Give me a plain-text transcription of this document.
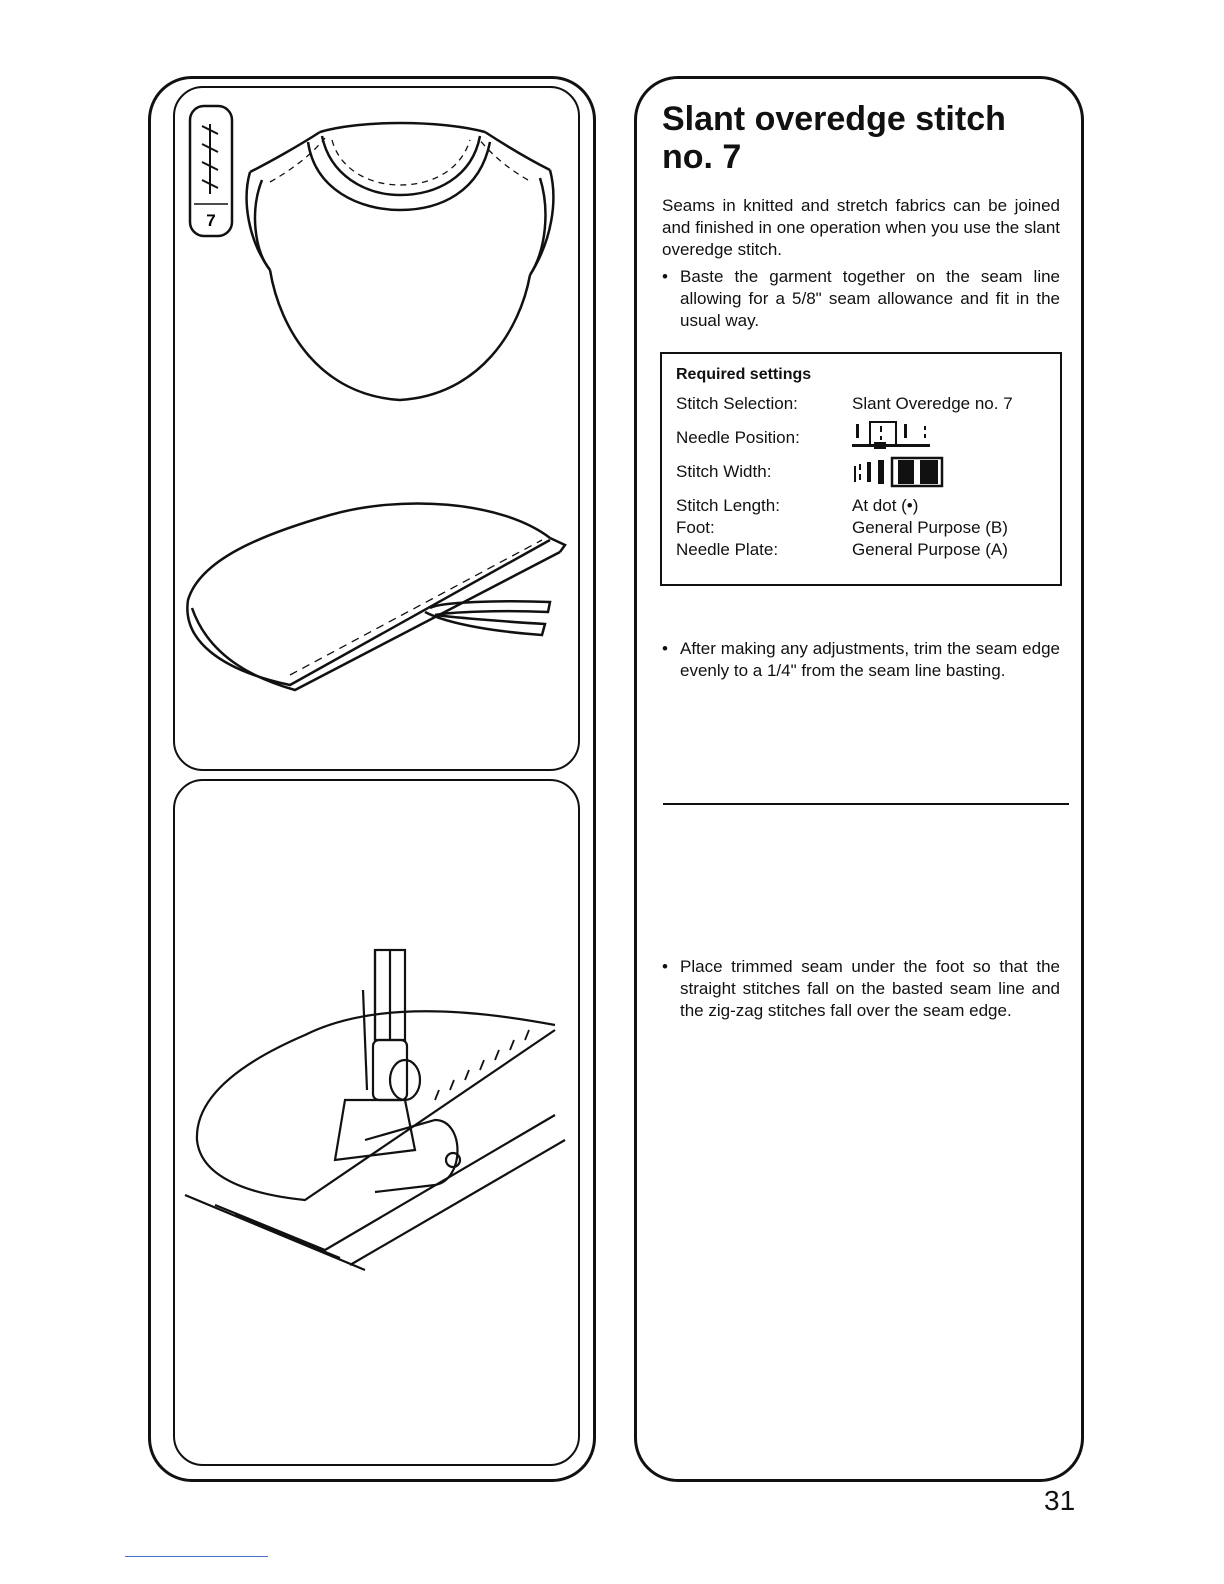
7
Slant overedge stitch no. 7

Seams in knitted and stretch fabrics can be joined and finished in one operation when you use the slant overedge stitch.

• Baste the garment together on the seam line allowing for a 5/8" seam allowance and fit in the usual way.

Required settings
Stitch Selection:	Slant Overedge no. 7
Needle Position:
Stitch Width:
Stitch Length:	At dot (•)
Foot:	General Purpose (B)
Needle Plate:	General Purpose (A)

• After making any adjustments, trim the seam edge evenly to a 1/4" from the seam line basting.

• Place trimmed seam under the foot so that the straight stitches fall on the basted seam line and the zig-zag stitches fall over the seam edge.

31
